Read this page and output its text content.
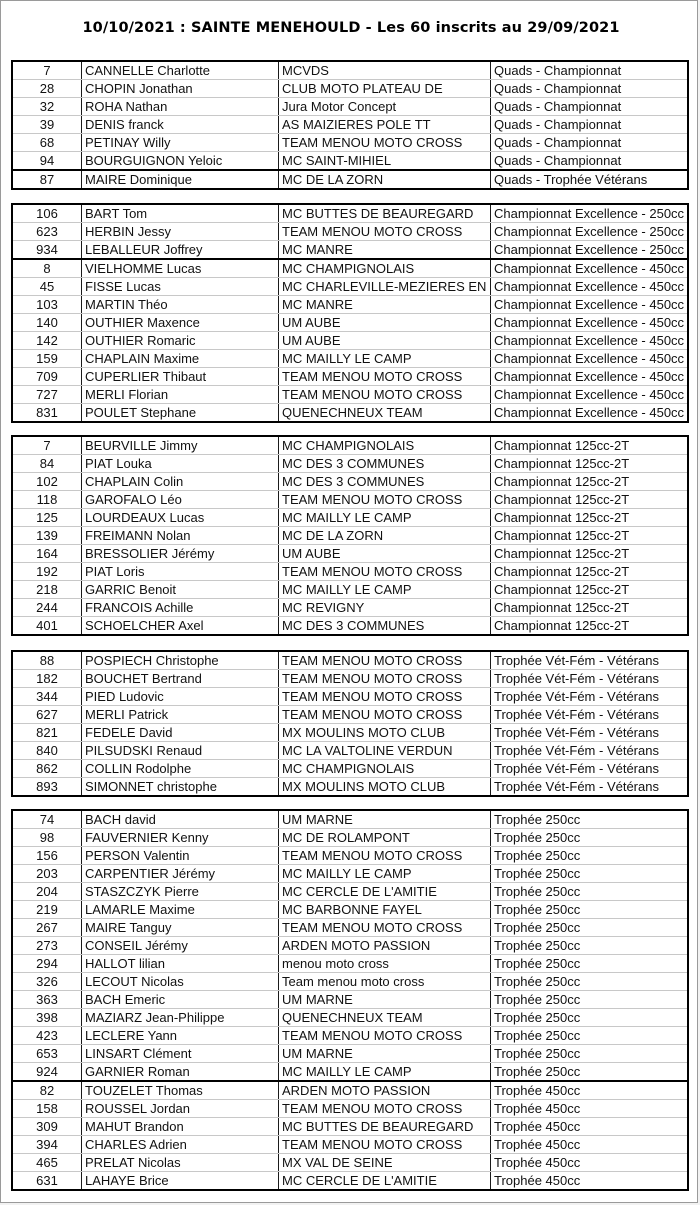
10/10/2021 : SAINTE MENEHOULD - Les 60 inscrits au 29/09/2021
7	CANNELLE Charlotte	MCVDS	Quads - Championnat
28	CHOPIN Jonathan	CLUB MOTO PLATEAU DE	Quads - Championnat
32	ROHA Nathan	Jura Motor Concept	Quads - Championnat
39	DENIS franck	AS MAIZIERES POLE TT	Quads - Championnat
68	PETINAY Willy	TEAM MENOU MOTO CROSS	Quads - Championnat
94	BOURGUIGNON Yeloic	MC SAINT-MIHIEL	Quads - Championnat
87	MAIRE Dominique	MC DE LA ZORN	Quads - Trophée Vétérans
106	BART Tom	MC BUTTES DE BEAUREGARD	Championnat Excellence - 250cc
623	HERBIN Jessy	TEAM MENOU MOTO CROSS	Championnat Excellence - 250cc
934	LEBALLEUR Joffrey	MC MANRE	Championnat Excellence - 250cc
8	VIELHOMME Lucas	MC CHAMPIGNOLAIS	Championnat Excellence - 450cc
45	FISSE Lucas	MC CHARLEVILLE-MEZIERES EN	Championnat Excellence - 450cc
103	MARTIN Théo	MC MANRE	Championnat Excellence - 450cc
140	OUTHIER Maxence	UM AUBE	Championnat Excellence - 450cc
142	OUTHIER Romaric	UM AUBE	Championnat Excellence - 450cc
159	CHAPLAIN Maxime	MC MAILLY LE CAMP	Championnat Excellence - 450cc
709	CUPERLIER Thibaut	TEAM MENOU MOTO CROSS	Championnat Excellence - 450cc
727	MERLI Florian	TEAM MENOU MOTO CROSS	Championnat Excellence - 450cc
831	POULET Stephane	QUENECHNEUX TEAM	Championnat Excellence - 450cc
7	BEURVILLE Jimmy	MC CHAMPIGNOLAIS	Championnat 125cc-2T
84	PIAT Louka	MC DES 3 COMMUNES	Championnat 125cc-2T
102	CHAPLAIN Colin	MC DES 3 COMMUNES	Championnat 125cc-2T
118	GAROFALO Léo	TEAM MENOU MOTO CROSS	Championnat 125cc-2T
125	LOURDEAUX Lucas	MC MAILLY LE CAMP	Championnat 125cc-2T
139	FREIMANN Nolan	MC DE LA ZORN	Championnat 125cc-2T
164	BRESSOLIER Jérémy	UM AUBE	Championnat 125cc-2T
192	PIAT Loris	TEAM MENOU MOTO CROSS	Championnat 125cc-2T
218	GARRIC Benoit	MC MAILLY LE CAMP	Championnat 125cc-2T
244	FRANCOIS Achille	MC REVIGNY	Championnat 125cc-2T
401	SCHOELCHER Axel	MC DES 3 COMMUNES	Championnat 125cc-2T
88	POSPIECH Christophe	TEAM MENOU MOTO CROSS	Trophée Vét-Fém - Vétérans
182	BOUCHET Bertrand	TEAM MENOU MOTO CROSS	Trophée Vét-Fém - Vétérans
344	PIED Ludovic	TEAM MENOU MOTO CROSS	Trophée Vét-Fém - Vétérans
627	MERLI Patrick	TEAM MENOU MOTO CROSS	Trophée Vét-Fém - Vétérans
821	FEDELE David	MX MOULINS MOTO CLUB	Trophée Vét-Fém - Vétérans
840	PILSUDSKI Renaud	MC LA VALTOLINE VERDUN	Trophée Vét-Fém - Vétérans
862	COLLIN Rodolphe	MC CHAMPIGNOLAIS	Trophée Vét-Fém - Vétérans
893	SIMONNET christophe	MX MOULINS MOTO CLUB	Trophée Vét-Fém - Vétérans
74	BACH david	UM MARNE	Trophée 250cc
98	FAUVERNIER Kenny	MC DE ROLAMPONT	Trophée 250cc
156	PERSON Valentin	TEAM MENOU MOTO CROSS	Trophée 250cc
203	CARPENTIER Jérémy	MC MAILLY LE CAMP	Trophée 250cc
204	STASZCZYK Pierre	MC CERCLE DE L'AMITIE	Trophée 250cc
219	LAMARLE Maxime	MC BARBONNE FAYEL	Trophée 250cc
267	MAIRE Tanguy	TEAM MENOU MOTO CROSS	Trophée 250cc
273	CONSEIL Jérémy	ARDEN MOTO PASSION	Trophée 250cc
294	HALLOT lilian	menou moto cross	Trophée 250cc
326	LECOUT Nicolas	Team menou moto cross	Trophée 250cc
363	BACH Emeric	UM MARNE	Trophée 250cc
398	MAZIARZ Jean-Philippe	QUENECHNEUX TEAM	Trophée 250cc
423	LECLERE Yann	TEAM MENOU MOTO CROSS	Trophée 250cc
653	LINSART Clément	UM MARNE	Trophée 250cc
924	GARNIER Roman	MC MAILLY LE CAMP	Trophée 250cc
82	TOUZELET Thomas	ARDEN MOTO PASSION	Trophée 450cc
158	ROUSSEL Jordan	TEAM MENOU MOTO CROSS	Trophée 450cc
309	MAHUT Brandon	MC BUTTES DE BEAUREGARD	Trophée 450cc
394	CHARLES Adrien	TEAM MENOU MOTO CROSS	Trophée 450cc
465	PRELAT Nicolas	MX VAL DE SEINE	Trophée 450cc
631	LAHAYE Brice	MC CERCLE DE L'AMITIE	Trophée 450cc
